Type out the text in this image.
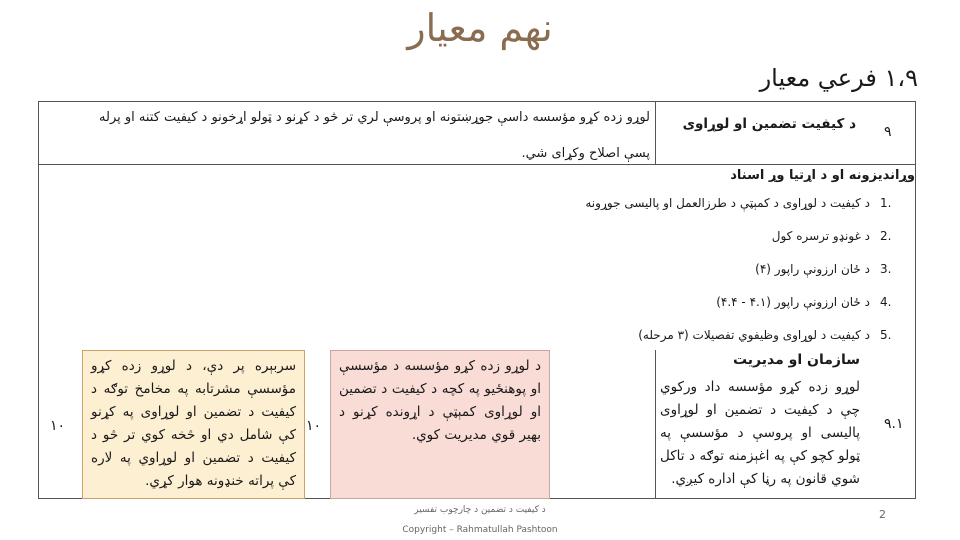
نهم معیار
۱،۹ فرعي معیار
۹
د کیفیت تضمین او لوړاوی
لوړو زده کړو مؤسسه داسې جوړښتونه او پروسې لري تر څو د کړنو د ټولو اړخونو د کیفیت کتنه او پرله
پسې اصلاح وکړای شي.
وړاندیزونه او د اړتیا وړ اسناد
1.
د کیفیت د لوړاوی د کمېټې د طرزالعمل او پالیسی جوړونه
2.
د غونډو ترسره کول
3.
د ځان ارزونې راپور (۴)
4.
د ځان ارزونې راپور (۴.۱ - ۴.۴)
5.
د کیفیت د لوړاوی وظیفوي تفصیلات (۳ مرحله)
۹.۱
سازمان او مدیریت
لوړو زده کړو مؤسسه داد ورکوي چې د کیفیت د تضمین او لوړاوی پالیسی او پروسې د مؤسسې په ټولو کچو کې په اغېزمنه توګه د تاکل شوي قانون په رڼا کې اداره کیږي.
۱۰
د لوړو زده کړو مؤسسه د مؤسسې او پوهنځیو په کچه د کیفیت د تضمین او لوړاوی کمېټې د اړونده کړنو د بهیر قوي مدیریت کوي.
۱۰
سربېره پر دې، د لوړو زده کړو مؤسسې مشرتابه په مخامخ توګه د کیفیت د تضمین او لوړاوی په کړنو کې شامل دي او څخه کوي تر څو د کیفیت د تضمین او لوړاوي په لاره کې پراته خنډونه هوار کړي.
د کیفیت د تضمین د چارچوب تفسیر
Copyright – Rahmatullah Pashtoon
2
